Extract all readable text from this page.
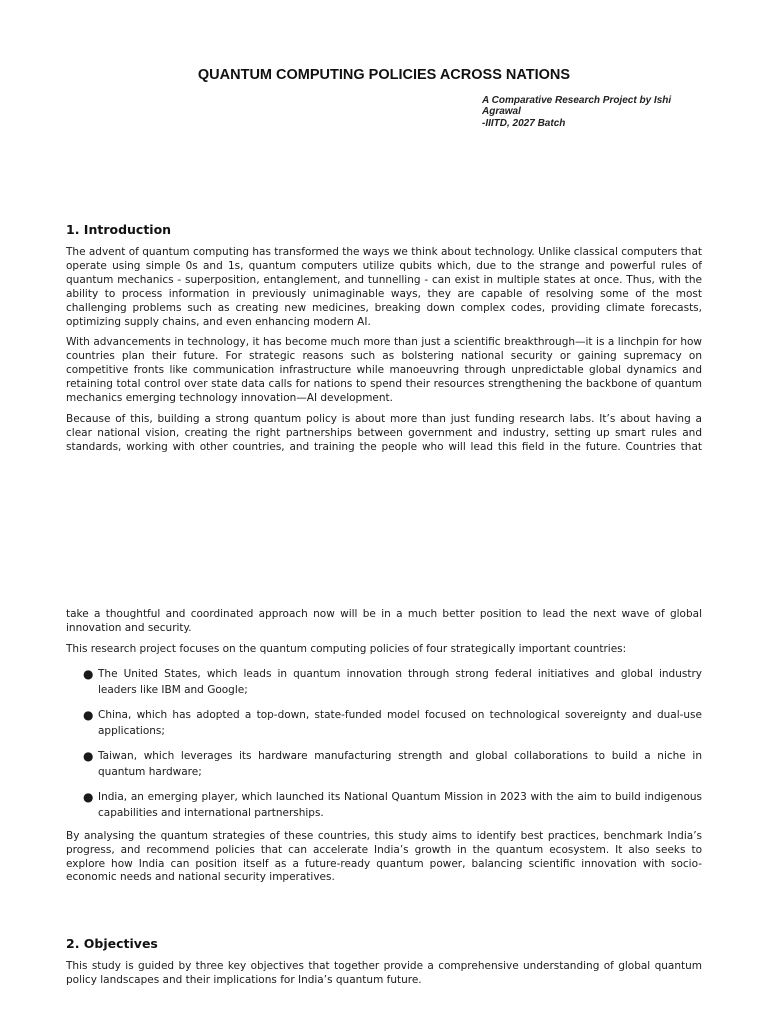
QUANTUM COMPUTING POLICIES ACROSS NATIONS
A Comparative Research Project by Ishi Agrawal
-IIITD, 2027 Batch
1. Introduction

The advent of quantum computing has transformed the ways we think about technology. Unlike classical computers that operate using simple 0s and 1s, quantum computers utilize qubits which, due to the strange and powerful rules of quantum mechanics - superposition, entanglement, and tunnelling - can exist in multiple states at once. Thus, with the ability to process information in previously unimaginable ways, they are capable of resolving some of the most challenging problems such as creating new medicines, breaking down complex codes, providing climate forecasts, optimizing supply chains, and even enhancing modern AI.

With advancements in technology, it has become much more than just a scientific breakthrough—it is a linchpin for how countries plan their future. For strategic reasons such as bolstering national security or gaining supremacy on competitive fronts like communication infrastructure while manoeuvring through unpredictable global dynamics and retaining total control over state data calls for nations to spend their resources strengthening the backbone of quantum mechanics emerging technology innovation—AI development.

Because of this, building a strong quantum policy is about more than just funding research labs. It’s about having a clear national vision, creating the right partnerships between government and industry, setting up smart rules and standards, working with other countries, and training the people who will lead this field in the future. Countries that

take a thoughtful and coordinated approach now will be in a much better position to lead the next wave of global innovation and security.

This research project focuses on the quantum computing policies of four strategically important countries:

● The United States, which leads in quantum innovation through strong federal initiatives and global industry leaders like IBM and Google;
● China, which has adopted a top-down, state-funded model focused on technological sovereignty and dual-use applications;
● Taiwan, which leverages its hardware manufacturing strength and global collaborations to build a niche in quantum hardware;
● India, an emerging player, which launched its National Quantum Mission in 2023 with the aim to build indigenous capabilities and international partnerships.

By analysing the quantum strategies of these countries, this study aims to identify best practices, benchmark India’s progress, and recommend policies that can accelerate India’s growth in the quantum ecosystem. It also seeks to explore how India can position itself as a future-ready quantum power, balancing scientific innovation with socio-economic needs and national security imperatives.

2. Objectives

This study is guided by three key objectives that together provide a comprehensive understanding of global quantum policy landscapes and their implications for India’s quantum future.
